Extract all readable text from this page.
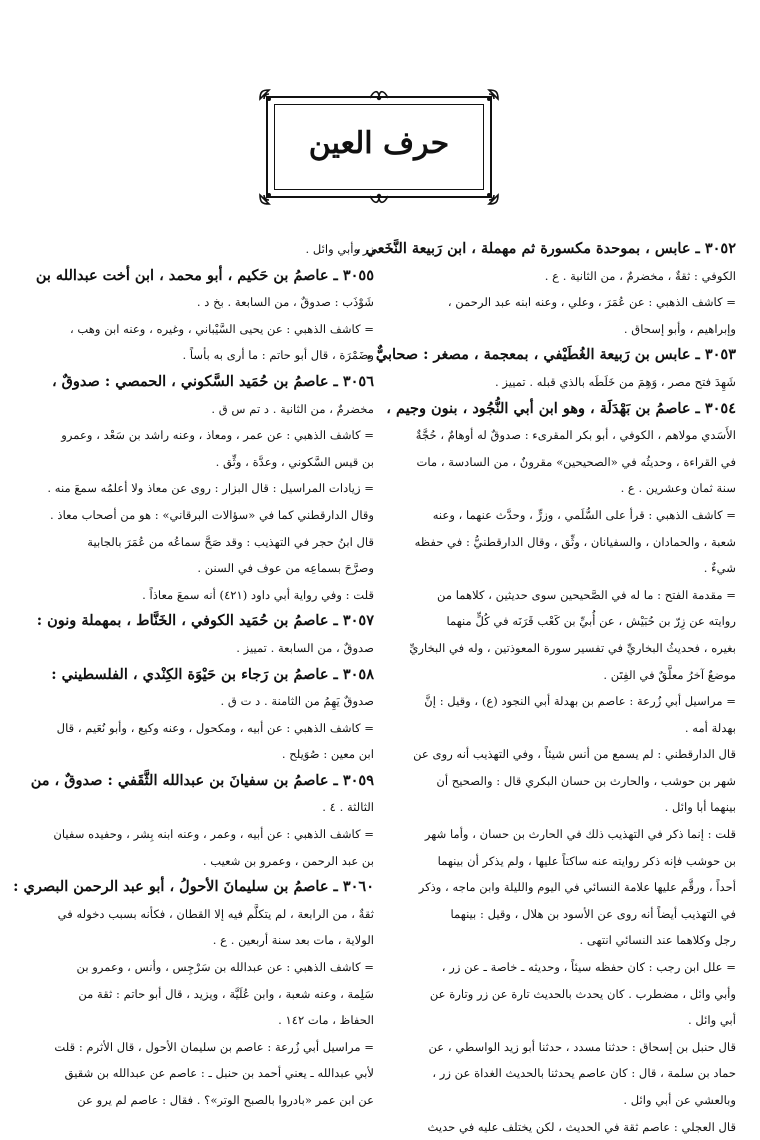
حرف العين
٣٠٥٢ ـ عابس ، بموحدة مكسورة ثم مهملة ، ابن رَبيعة النَّخَعي ،
الكوفي : ثقةٌ ، مخضرمٌ ، من الثانية . ع .
= كاشف الذهبي : عن عُمَرَ ، وعلي ، وعنه ابنه عبد الرحمن ،
وإبراهيم ، وأبو إسحاق .
٣٠٥٣ ـ عابس بن رَبيعة الغُطَيْفي ، بمعجمة ، مصغر : صحابيٌّ ،
شَهِدَ فتح مصر ، وَهِمَ من خَلَطَه بالذي قبله . تمييز .
٣٠٥٤ ـ عاصمُ بن بَهْدَلَة ، وهو ابن أبي النُّجُود ، بنون وجيم ،
الأَسَدي مولاهم ، الكوفي ، أبو بكر المقرىء : صدوقٌ له أوهامٌ ، حُجَّةٌ
في القراءة ، وحديثُه في «الصحيحين» مقرونٌ ، من السادسة ، مات
سنة ثمان وعشرين . ع .
= كاشف الذهبي : قرأ على السُّلَمي ، وزرٍّ ، وحدَّث عنهما ، وعنه
شعبة ، والحمادان ، والسفيانان ، وثِّق ، وقال الدارقطنيُّ : في حفظه
شيءٌ .
= مقدمة الفتح : ما له في الصَّحيحين سوى حديثين ، كلاهما من
روايته عن زِرّ بن حُبَيْش ، عن أُبيِّ بن كَعْب قَرَنَه في كُلٍّ منهما
بغيره ، فحديثُ البخاريِّ في تفسير سورة المعوذتين ، وله في البخاريِّ
موضعٌ آخرُ معلَّقٌ في الفِتَن .
= مراسيل أبي زُرعة : عاصم بن بهدلة أبي النجود (ع) ، وقيل : إنَّ
بهدلة أمه .
قال الدارقطني : لم يسمع من أنس شيئاً ، وفي التهذيب أنه روى عن
شهر بن حوشب ، والحارث بن حسان البكري قال : والصحيح أن
بينهما أبا وائل .
قلت : إنما ذكر في التهذيب ذلك في الحارث بن حسان ، وأما شهر
بن حوشب فإنه ذكر روايته عنه ساكتاً عليها ، ولم يذكر أن بينهما
أحداً ، ورقَّم عليها علامة النسائي في اليوم والليلة وابن ماجه ، وذكر
في التهذيب أيضاً أنه روى عن الأسود بن هلال ، وقيل : بينهما
رجل وكلاهما عند النسائي انتهى .
= علل ابن رجب : كان حفظه سيئاً ، وحديثه ـ خاصة ـ عن زر ،
وأبي وائل ، مضطرب . كان يحدث بالحديث تارة عن زر وتارة عن
أبي وائل .
قال حنبل بن إسحاق : حدثنا مسدد ، حدثنا أبو زيد الواسطي ، عن
حماد بن سلمة ، قال : كان عاصم يحدثنا بالحديث الغداة عن زر ،
وبالعشي عن أبي وائل .
قال العجلي : عاصم ثقة في الحديث ، لكن يختلف عليه في حديث
زر وأبي وائل .
٣٠٥٥ ـ عاصمُ بن حَكيم ، أبو محمد ، ابن أخت عبدالله بن
شَوْذَب : صدوقٌ ، من السابعة . بخ د .
= كاشف الذهبي : عن يحيى السَّيْباني ، وغيره ، وعنه ابن وهب ،
وضَمْرَة ، قال أبو حاتم : ما أرى به بأساً .
٣٠٥٦ ـ عاصمُ بن حُمَيد السَّكوني ، الحمصي : صدوقٌ ،
مخضرمٌ ، من الثانية . د تم س ق .
= كاشف الذهبي : عن عمر ، ومعاذ ، وعنه راشد بن سَعْد ، وعمرو
بن قيس السَّكوني ، وعدَّة ، وثِّق .
= زيادات المراسيل : قال البزار : روى عن معاذ ولا أعلمُه سمعَ منه .
وقال الدارقطني كما في «سؤالات البرقاني» : هو من أصحاب معاذ .
قال ابنُ حجر في التهذيب : وقد صَحَّ سماعُه من عُمَرَ بالجابية
وصرَّحَ بسماعِه من عوف في السنن .
قلت : وفي رواية أبي داود (٤٢١) أنه سمعَ معاذاً .
٣٠٥٧ ـ عاصمُ بن حُمَيد الكوفي ، الخَنَّاط ، بمهملة ونون :
صدوقٌ ، من السابعة . تمييز .
٣٠٥٨ ـ عاصمُ بن رَجاء بن حَيْوَة الكِنْدي ، الفلسطيني :
صدوقٌ يَهِمُ من الثامنة . د ت ق .
= كاشف الذهبي : عن أبيه ، ومكحول ، وعنه وكيع ، وأبو نُعَيم ، قال
ابن معين : صُوَيلح .
٣٠٥٩ ـ عاصمُ بن سفيانَ بن عبدالله الثَّقَفي : صدوقٌ ، من
الثالثة . ٤ .
= كاشف الذهبي : عن أبيه ، وعمر ، وعنه ابنه بِشر ، وحفيده سفيان
بن عبد الرحمن ، وعمرو بن شعيب .
٣٠٦٠ ـ عاصمُ بن سليمانَ الأحولُ ، أبو عبد الرحمن البصري :
ثقةٌ ، من الرابعة ، لم يتكلَّم فيه إلا القطان ، فكأنه بسبب دخوله في
الولاية ، مات بعد سنة أربعين . ع .
= كاشف الذهبي : عن عبدالله بن سَرْجِس ، وأنس ، وعمرو بن
سَلِمة ، وعنه شعبة ، وابن عُلَيَّة ، ويزيد ، قال أبو حاتم : ثقة من
الحفاظ ، مات ١٤٢ .
= مراسيل أبي زُرعة : عاصم بن سليمان الأحول ، قال الأثرم : قلت
لأبي عبدالله ـ يعني أحمد بن حنبل ـ : عاصم عن عبدالله بن شقيق
عن ابن عمر «بادروا بالصبح الوتر»؟ . فقال : عاصم لم يرو عن
